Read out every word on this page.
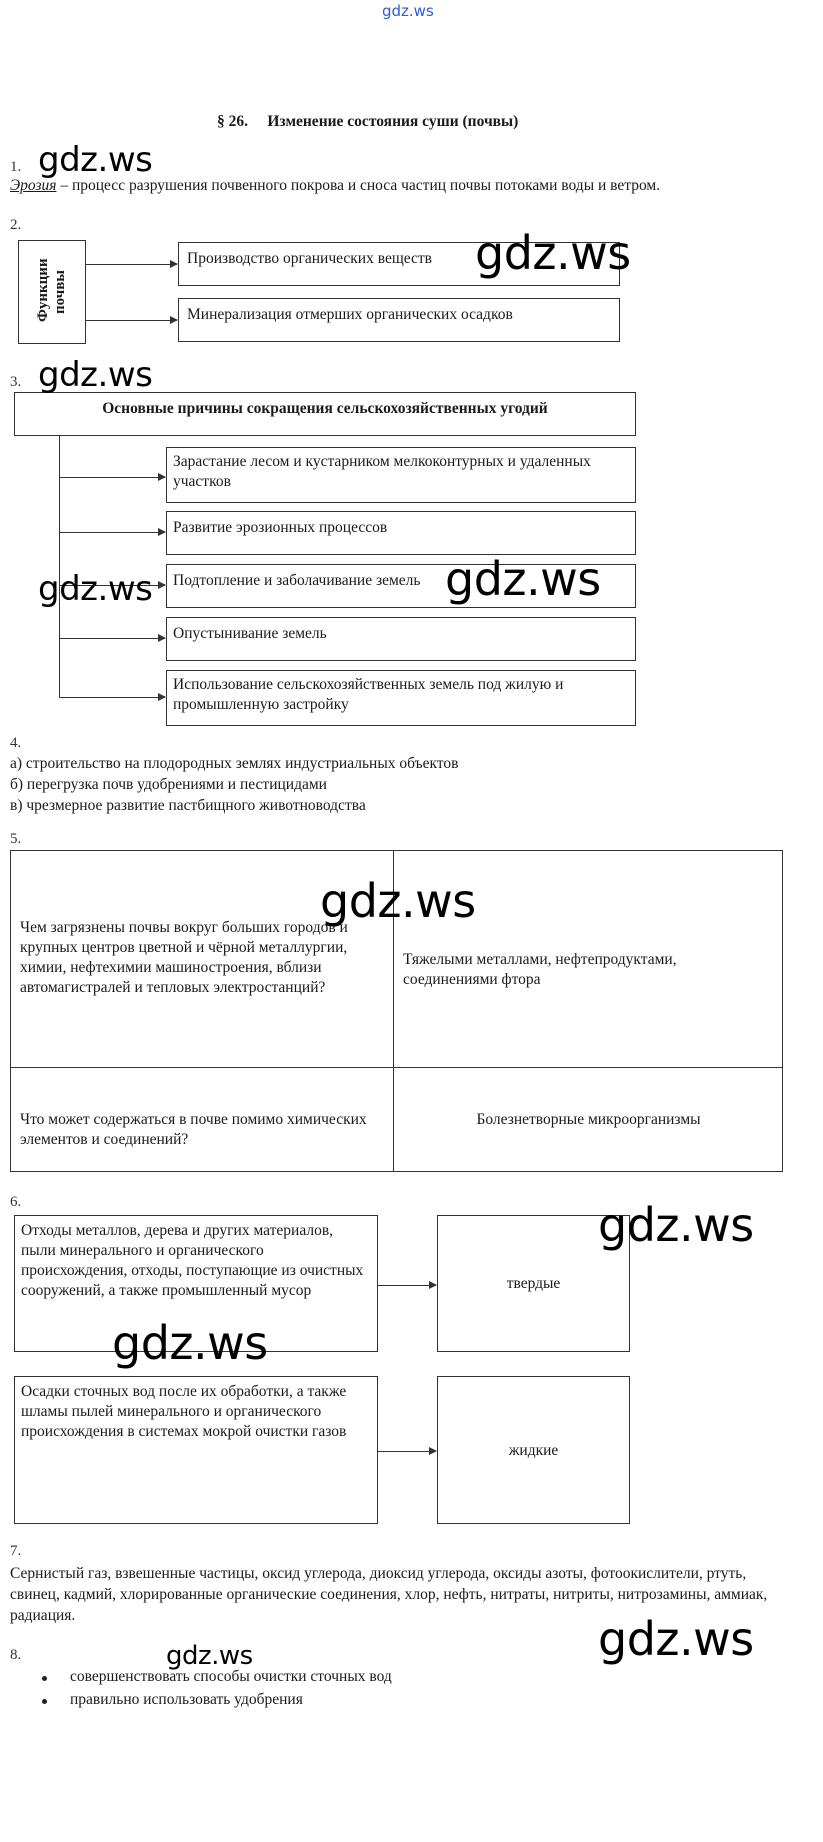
gdz.ws
§ 26.     Изменение состояния суши (почвы)
1.
Эрозия – процесс разрушения почвенного покрова и сноса частиц почвы потоками воды и ветром.
2.
Функции почвы
Производство органических веществ
Минерализация отмерших органических осадков
3.
Основные причины сокращения сельскохозяйственных угодий
Зарастание лесом и кустарником мелкоконтурных и удаленных участков
Развитие эрозионных процессов
Подтопление и заболачивание земель
Опустынивание земель
Использование сельскохозяйственных земель под жилую и промышленную застройку
4.
а) строительство на плодородных землях индустриальных объектов
б) перегрузка почв удобрениями и пестицидами
в) чрезмерное развитие пастбищного животноводства
5.
Чем загрязнены почвы вокруг больших городов и крупных центров цветной и чёрной металлургии, химии, нефтехимии машиностроения, вблизи автомагистралей и тепловых электростанций?
Тяжелыми металлами, нефтепродуктами, соединениями фтора
Что может содержаться в почве помимо химических элементов и соединений?
Болезнетворные микроорганизмы
6.
Отходы металлов, дерева и других материалов, пыли минерального и органического происхождения, отходы, поступающие из очистных сооружений, а также промышленный мусор	твердые
Осадки сточных вод после их обработки, а также шламы пылей минерального и органического происхождения в системах мокрой очистки газов
жидкие
7.
Сернистый газ, взвешенные частицы, оксид углерода, диоксид углерода, оксиды азоты, фотоокислители, ртуть, свинец, кадмий, хлорированные органические соединения, хлор, нефть, нитраты, нитриты, нитрозамины, аммиак, радиация.
8.
совершенствовать способы очистки сточных вод
правильно использовать удобрения
gdz.ws
gdz.ws
gdz.ws
gdz.ws
gdz.ws
gdz.ws
gdz.ws
gdz.ws
gdz.ws
gdz.ws
